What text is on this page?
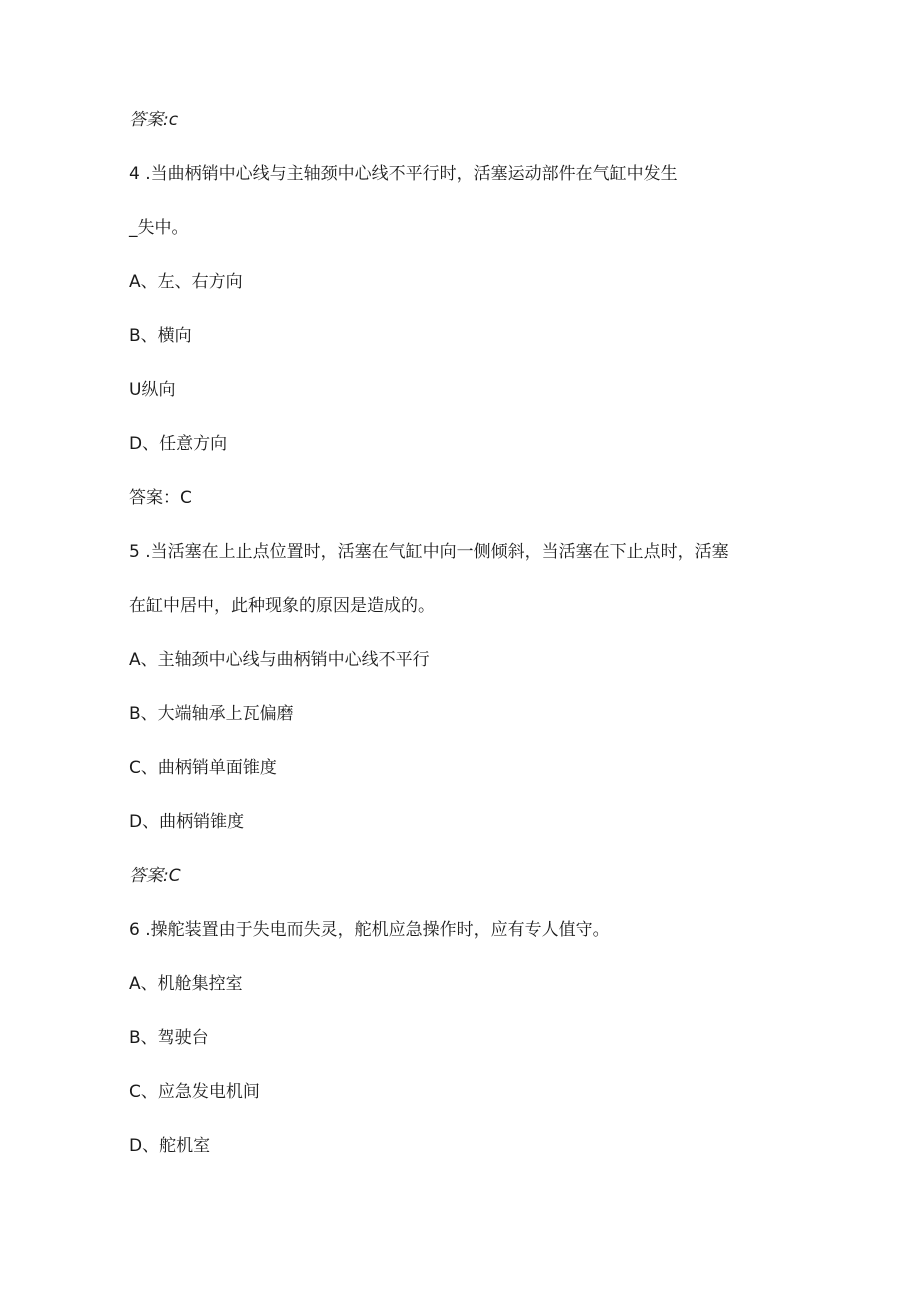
答案:c
4 .当曲柄销中心线与主轴颈中心线不平行时，活塞运动部件在气缸中发生
_失中。
A、左、右方向
B、横向
U纵向
D、任意方向
答案：C
5 .当活塞在上止点位置时，活塞在气缸中向一侧倾斜，当活塞在下止点时，活塞
在缸中居中，此种现象的原因是造成的。
A、主轴颈中心线与曲柄销中心线不平行
B、大端轴承上瓦偏磨
C、曲柄销单面锥度
D、曲柄销锥度
答案:C
6 .操舵装置由于失电而失灵，舵机应急操作时，应有专人值守。
A、机舱集控室
B、驾驶台
C、应急发电机间
D、舵机室
